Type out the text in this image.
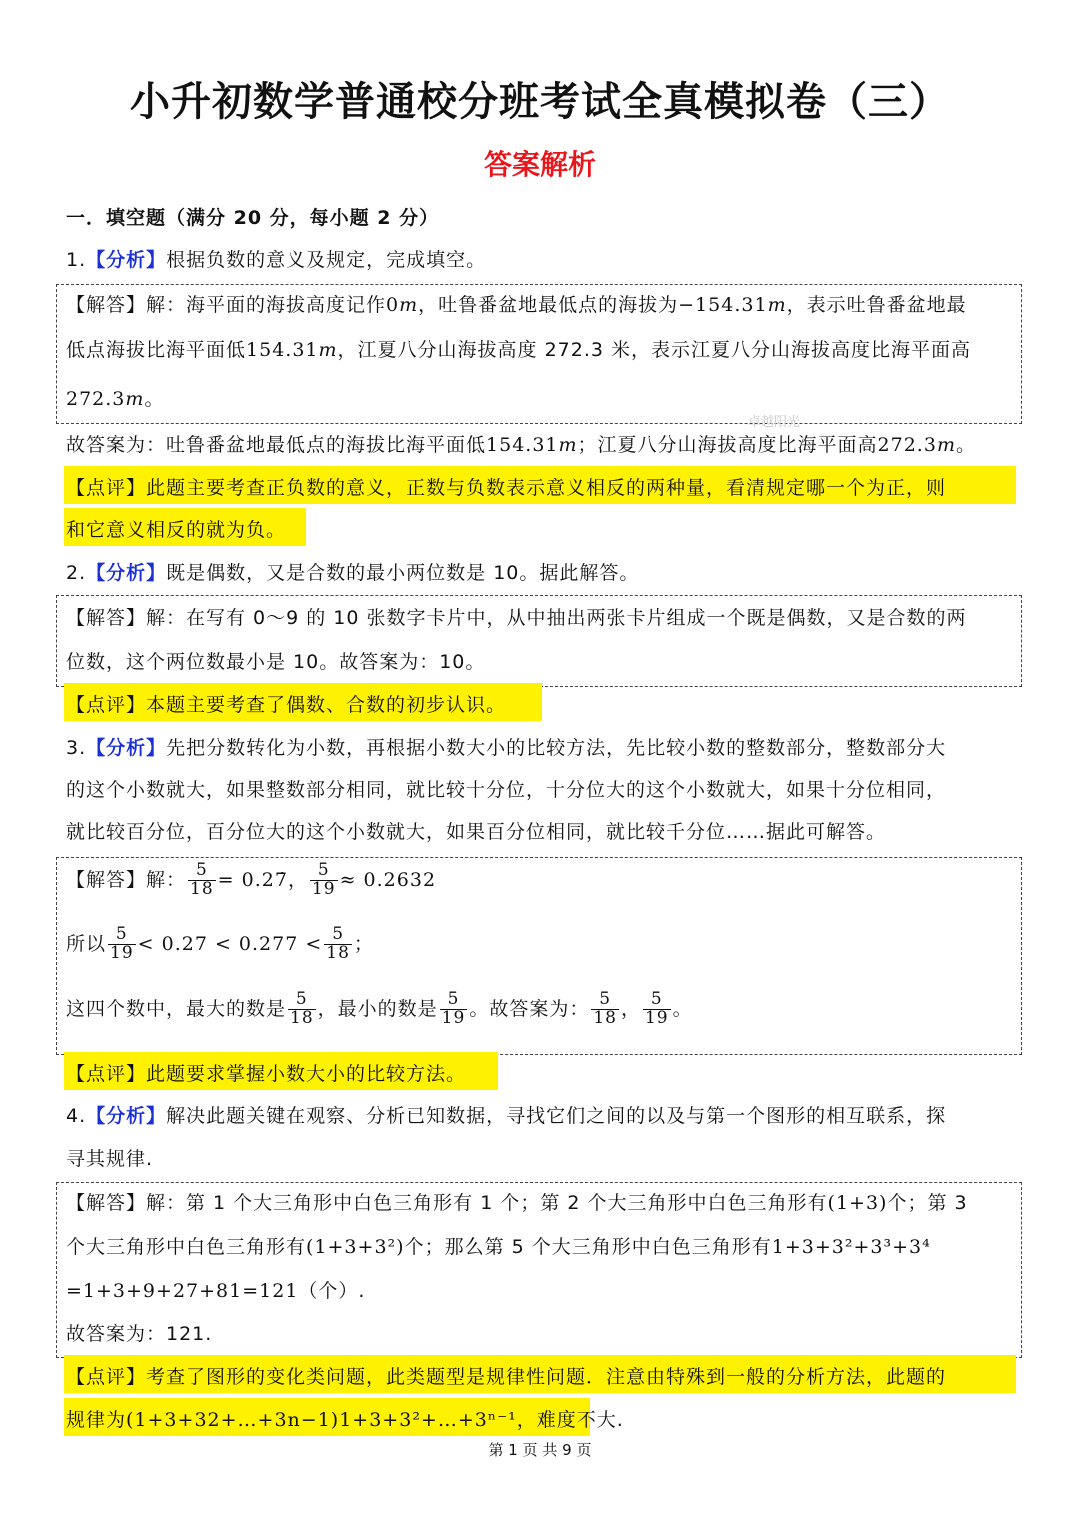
小升初数学普通校分班考试全真模拟卷（三）
答案解析
一．填空题（满分 20 分，每小题 2 分）
1.【分析】根据负数的意义及规定，完成填空。
【解答】解：海平面的海拔高度记作0m，吐鲁番盆地最低点的海拔为−154.31m，表示吐鲁番盆地最
低点海拔比海平面低154.31m，江夏八分山海拔高度 272.3 米，表示江夏八分山海拔高度比海平面高
272.3m。
卓越阳光
故答案为：吐鲁番盆地最低点的海拔比海平面低154.31m；江夏八分山海拔高度比海平面高272.3m。
【点评】此题主要考查正负数的意义，正数与负数表示意义相反的两种量，看清规定哪一个为正，则
和它意义相反的就为负。
2.【分析】既是偶数，又是合数的最小两位数是 10。据此解答。
【解答】解：在写有 0～9 的 10 张数字卡片中，从中抽出两张卡片组成一个既是偶数，又是合数的两
位数，这个两位数最小是 10。故答案为：10。
【点评】本题主要考查了偶数、合数的初步认识。
3.【分析】先把分数转化为小数，再根据小数大小的比较方法，先比较小数的整数部分，整数部分大
的这个小数就大，如果整数部分相同，就比较十分位，十分位大的这个小数就大，如果十分位相同，
就比较百分位，百分位大的这个小数就大，如果百分位相同，就比较千分位……据此可解答。
【解答】解： $\frac{5}{18}$ = 0.27̇， $\frac{5}{19} \approx 0.2632$
所以 $\frac{5}{19} < 0.27 < 0.277 < \frac{5}{18}$ ；
这四个数中，最大的数是 $\frac{5}{18}$ ，最小的数是 $\frac{5}{19}$ 。故答案为： $\frac{5}{18}$ ， $\frac{5}{19}$ 。
【点评】此题要求掌握小数大小的比较方法。
4.【分析】解决此题关键在观察、分析已知数据，寻找它们之间的以及与第一个图形的相互联系，探
寻其规律.
【解答】解：第 1 个大三角形中白色三角形有 1 个；第 2 个大三角形中白色三角形有(1+3)个；第 3
个大三角形中白色三角形有(1+3+3²)个；那么第 5 个大三角形中白色三角形有1+3+3²+3³+3⁴
=1+3+9+27+81=121（个）.
故答案为：121.
【点评】考查了图形的变化类问题，此类题型是规律性问题．注意由特殊到一般的分析方法，此题的
规律为(1+3+32+…+3n−1)1+3+3²+…+3ⁿ⁻¹，难度不大.
第 1 页 共 9 页
